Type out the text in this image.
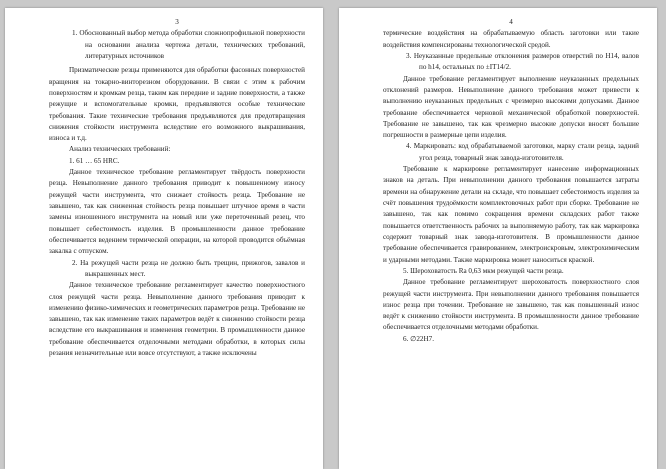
3

1. Обоснованный выбор метода обработки сложнопрофильной поверхности на основании анализа чертежа детали, технических требований, литературных источников

Призматические резцы применяются для обработки фасонных поверхностей вращения на токарно-винторезном оборудовании. В связи с этим к рабочим поверхностям и кромкам резца, таким как передние и задние поверхности, а также режущие и вспомогательные кромки, предъявляются особые технические требования. Такие технические требования предъявляются для предотвращения снижения стойкости инструмента вследствие его возможного выкрашивания, износа и т.д.

Анализ технических требований:

1. 61 … 65 HRC.

Данное техническое требование регламентирует твёрдость поверхности резца. Невыполнение данного требования приводит к повышенному износу режущей части инструмента, что снижает стойкость резца. Требование не завышено, так как сниженная стойкость резца повышает штучное время в части замены изношенного инструмента на новый или уже переточенный резец, что повышает себестоимость изделия. В промышленности данное требование обеспечивается ведением термической операции, на которой проводится объёмная закалка с отпуском.

2. На режущей части резца не должно быть трещин, прижогов, завалов и выкрашенных мест.

Данное техническое требование регламентирует качество поверхностного слоя режущей части резца. Невыполнение данного требования приводит к изменению физико-химических и геометрических параметров резца. Требование не завышено, так как изменение таких параметров ведёт к снижению стойкости резца вследствие его выкрашивания и изменения геометрии. В промышленности данное требование обеспечивается отделочными методами обработки, в которых силы резания незначительные или вовсе отсутствуют, а также исключены

4

термические воздействия на обрабатываемую область заготовки или такие воздействия компенсированы технологической средой.

3. Неуказанные предельные отклонения размеров отверстий по H14, валов по h14, остальных по ±IT14/2.

Данное требование регламентирует выполнение неуказанных предельных отклонений размеров. Невыполнение данного требования может привести к выполнению неуказанных предельных с чрезмерно высокими допусками. Данное требование обеспечивается черновой механической обработкой поверхностей. Требование не завышено, так как чрезмерно высокие допуски вносят большие погрешности в размерные цепи изделия.

4. Маркировать: код обрабатываемой заготовки, марку стали резца, задний угол резца, товарный знак завода-изготовителя.

Требование к маркировке регламентирует нанесение информационных знаков на деталь. При невыполнении данного требования повышается затраты времени на обнаружение детали на складе, что повышает себестоимость изделия за счёт повышения трудоёмкости комплектовочных работ при сборке. Требование не завышено, так как помимо сокращения времени складских работ также повышается ответственность рабочих за выполняемую работу, так как маркировка содержит товарный знак завода-изготовителя. В промышленности данное требование обеспечивается гравированием, электроискровым, электрохимическим и ударными методами. Также маркировка может наноситься краской.

5. Шероховатость Ra 0,63 мкм режущей части резца.

Данное требование регламентирует шероховатость поверхностного слоя режущей части инструмента. При невыполнении данного требования повышается износ резца при точении. Требование не завышено, так как повышенный износ ведёт к снижению стойкости инструмента. В промышленности данное требование обеспечивается отделочными методами обработки.

6. ∅22H7.
